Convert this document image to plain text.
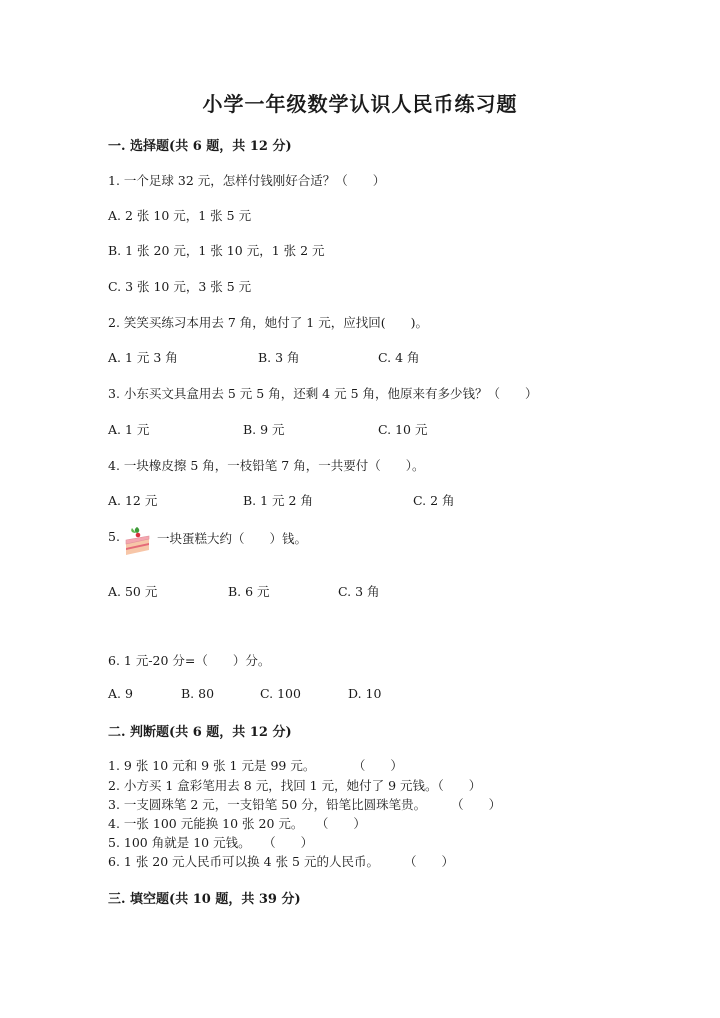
小学一年级数学认识人民币练习题
一. 选择题(共 6 题，共 12 分)
1. 一个足球 32 元，怎样付钱刚好合适？（　　）
A. 2 张 10 元，1 张 5 元
B. 1 张 20 元，1 张 10 元，1 张 2 元
C. 3 张 10 元，3 张 5 元
2. 笑笑买练习本用去 7 角，她付了 1 元，应找回(　　)。
A. 1 元 3 角	B. 3 角	C. 4 角
3. 小东买文具盒用去 5 元 5 角，还剩 4 元 5 角，他原来有多少钱？（　　）
A. 1 元	B. 9 元	C. 10 元
4. 一块橡皮擦 5 角，一枝铅笔 7 角，一共要付（　　）。
A. 12 元	B. 1 元 2 角	C. 2 角
5.	一块蛋糕大约（　　）钱。
A. 50 元	B. 6 元	C. 3 角
6. 1 元-20 分=（　　）分。
A. 9	B. 80	C. 100	D. 10
二. 判断题(共 6 题，共 12 分)
1. 9 张 10 元和 9 张 1 元是 99 元。　　　　（　　）
2. 小方买 1 盒彩笔用去 8 元，找回 1 元，她付了 9 元钱。（　　）
3. 一支圆珠笔 2 元，一支铅笔 50 分，铅笔比圆珠笔贵。　　　（　　）
4. 一张 100 元能换 10 张 20 元。　　（　　）
5. 100 角就是 10 元钱。　　（　　）
6. 1 张 20 元人民币可以换 4 张 5 元的人民币。　　　（　　）
三. 填空题(共 10 题，共 39 分)
